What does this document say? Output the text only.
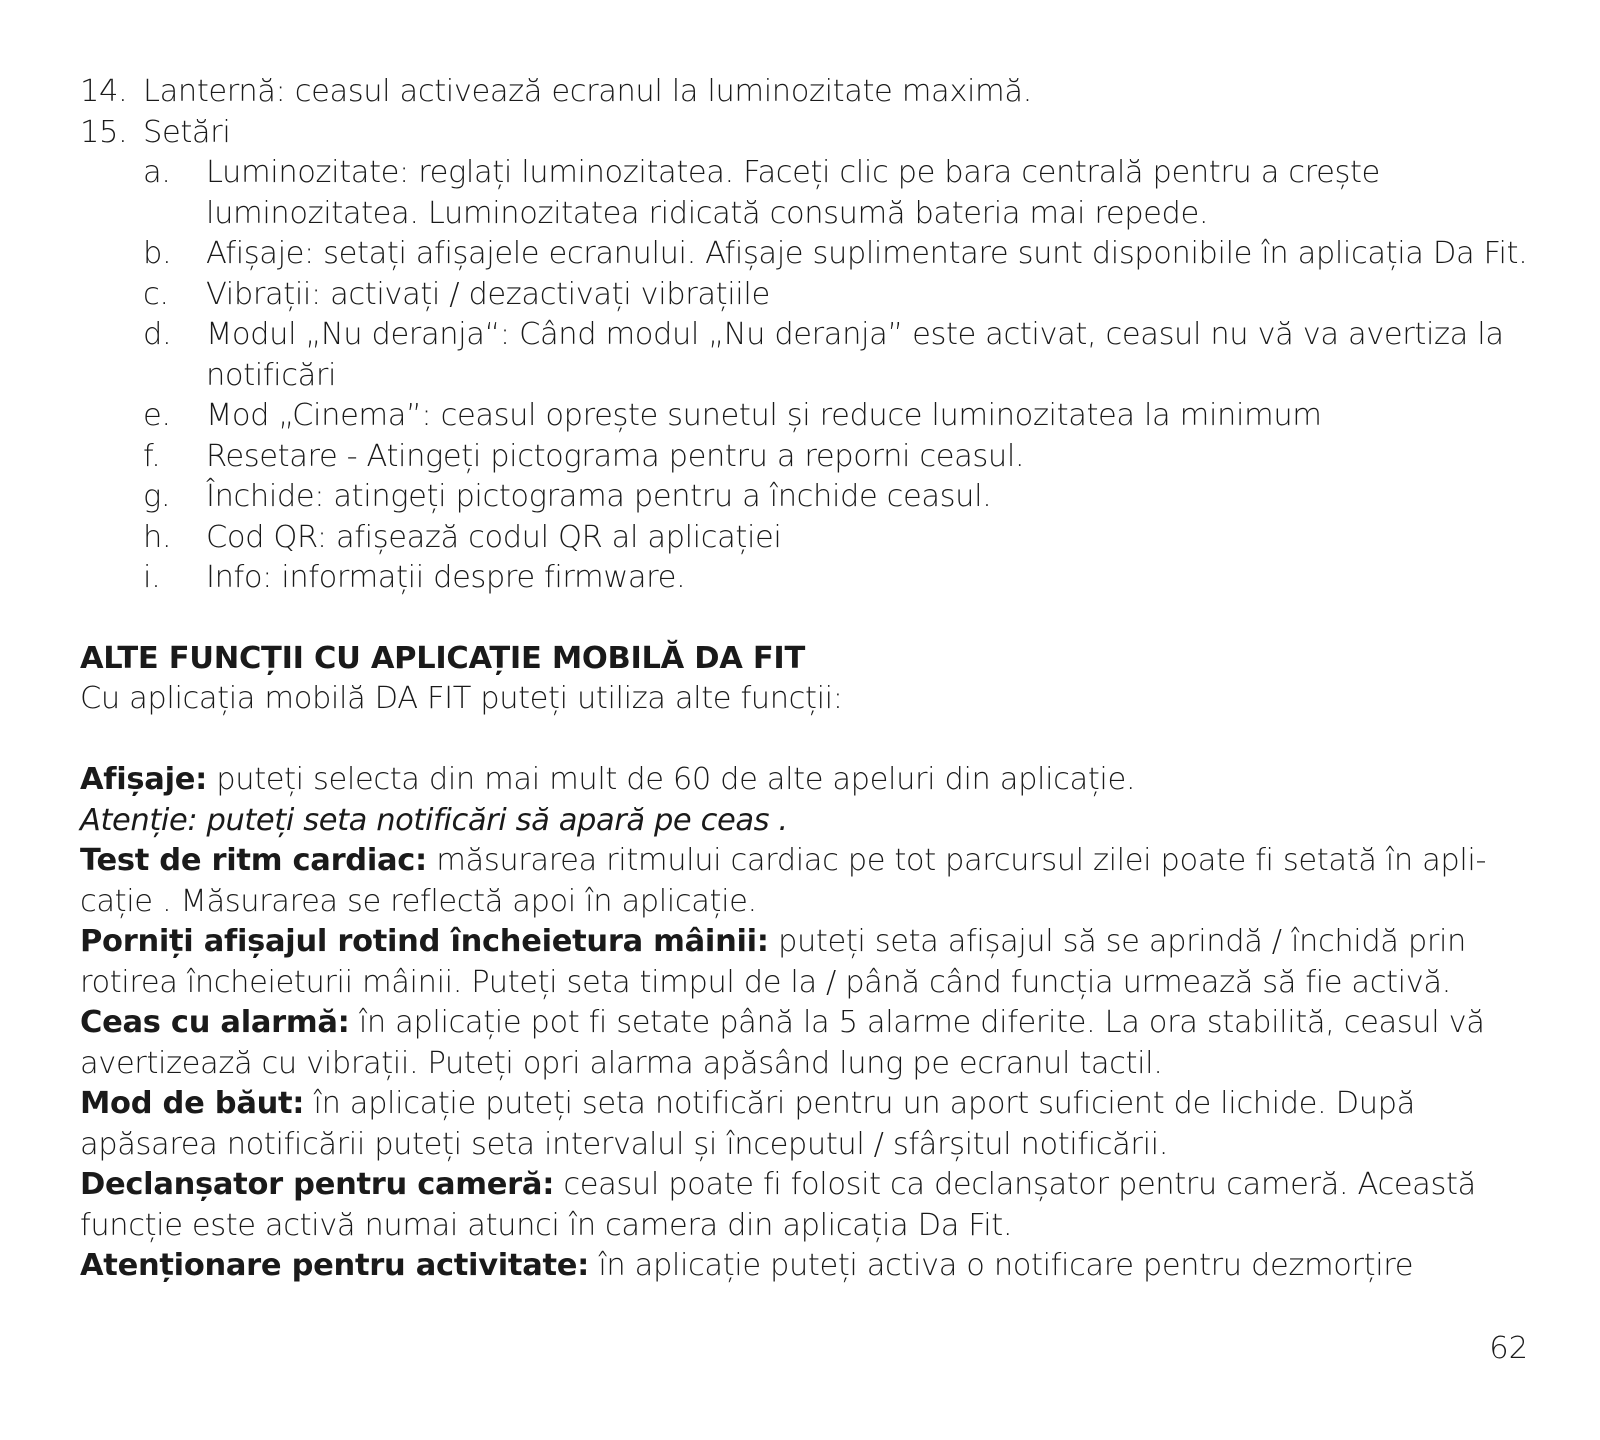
14. Lanternă: ceasul activează ecranul la luminozitate maximă.
15. Setări
a. Luminozitate: reglați luminozitatea. Faceți clic pe bara centrală pentru a crește luminozitatea. Luminozitatea ridicată consumă bateria mai repede.
b. Afișaje: setați afișajele ecranului. Afișaje suplimentare sunt disponibile în aplicația Da Fit.
c. Vibrații: activați / dezactivați vibrațiile
d. Modul „Nu deranja“: Când modul „Nu deranja” este activat, ceasul nu vă va avertiza la notificări
e. Mod „Cinema”: ceasul oprește sunetul și reduce luminozitatea la minimum
f. Resetare - Atingeți pictograma pentru a reporni ceasul.
g. Închide: atingeți pictograma pentru a închide ceasul.
h. Cod QR: afișează codul QR al aplicației
i. Info: informații despre firmware.
ALTE FUNCȚII CU APLICAȚIE MOBILĂ DA FIT

Cu aplicația mobilă DA FIT puteți utiliza alte funcții:

Afișaje: puteți selecta din mai mult de 60 de alte apeluri din aplicație.

Atenție: puteți seta notificări să apară pe ceas .

Test de ritm cardiac: măsurarea ritmului cardiac pe tot parcursul zilei poate fi setată în apli-cație . Măsurarea se reflectă apoi în aplicație.

Porniți afișajul rotind încheietura mâinii: puteți seta afișajul să se aprindă / închidă prin rotirea încheieturii mâinii. Puteți seta timpul de la / până când funcția urmează să fie activă.

Ceas cu alarmă: în aplicație pot fi setate până la 5 alarme diferite. La ora stabilită, ceasul vă avertizează cu vibrații. Puteți opri alarma apăsând lung pe ecranul tactil.

Mod de băut: în aplicație puteți seta notificări pentru un aport suficient de lichide. După apăsarea notificării puteți seta intervalul și începutul / sfârșitul notificării.

Declanșator pentru cameră: ceasul poate fi folosit ca declanșator pentru cameră. Această funcție este activă numai atunci în camera din aplicația Da Fit.

Atenționare pentru activitate: în aplicație puteți activa o notificare pentru dezmorțire

62
